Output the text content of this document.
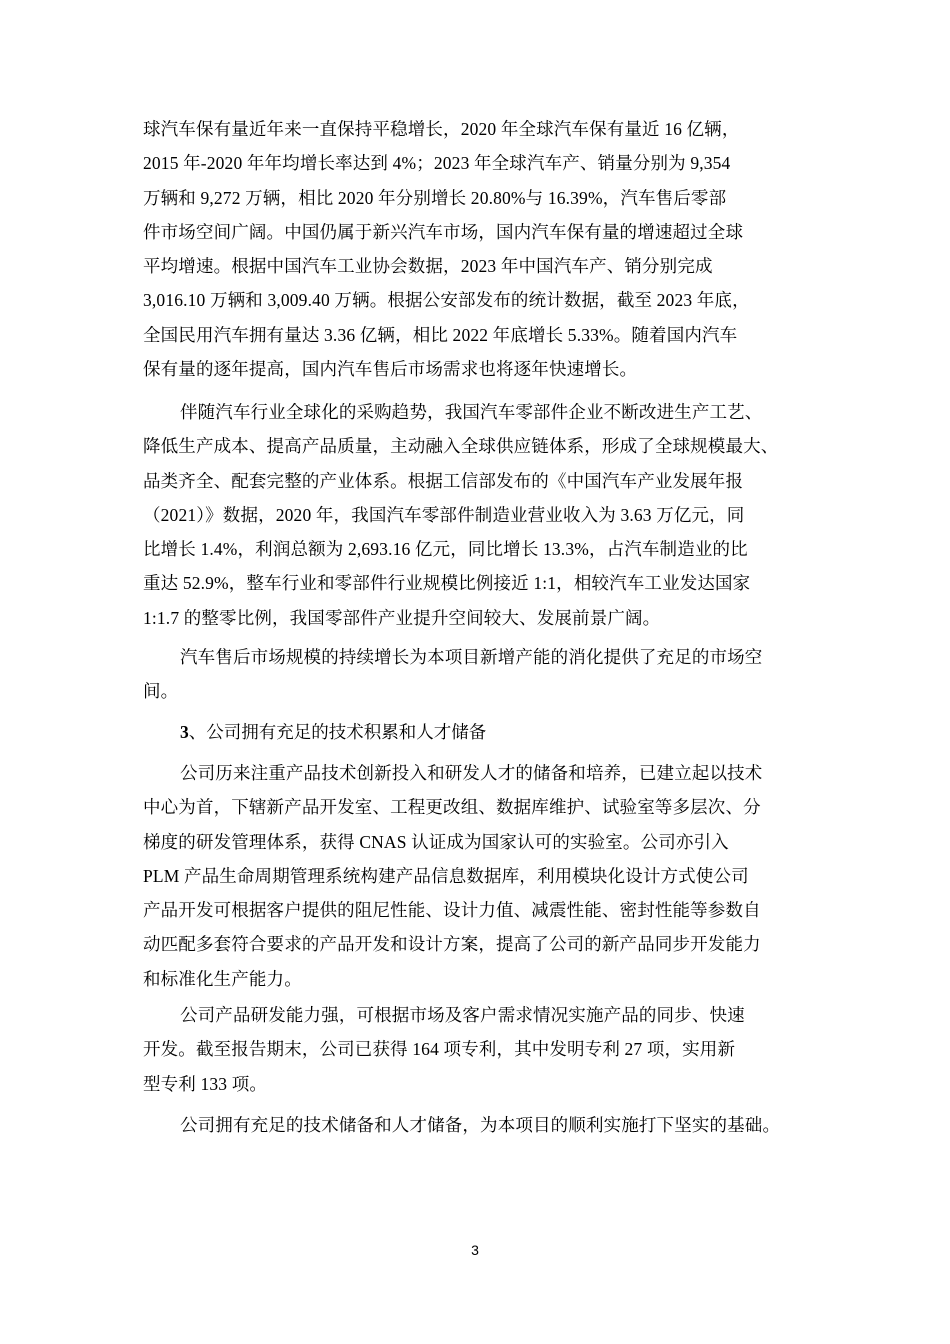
球汽车保有量近年来一直保持平稳增长，2020 年全球汽车保有量近 16 亿辆，
2015 年-2020 年年均增长率达到 4%；2023 年全球汽车产、销量分别为 9,354
万辆和 9,272 万辆，相比 2020 年分别增长 20.80%与 16.39%，汽车售后零部
件市场空间广阔。中国仍属于新兴汽车市场，国内汽车保有量的增速超过全球
平均增速。根据中国汽车工业协会数据，2023 年中国汽车产、销分别完成
3,016.10 万辆和 3,009.40 万辆。根据公安部发布的统计数据，截至 2023 年底，
全国民用汽车拥有量达 3.36 亿辆，相比 2022 年底增长 5.33%。随着国内汽车
保有量的逐年提高，国内汽车售后市场需求也将逐年快速增长。
伴随汽车行业全球化的采购趋势，我国汽车零部件企业不断改进生产工艺、
降低生产成本、提高产品质量，主动融入全球供应链体系，形成了全球规模最大、
品类齐全、配套完整的产业体系。根据工信部发布的《中国汽车产业发展年报
（2021）》数据，2020 年，我国汽车零部件制造业营业收入为 3.63 万亿元，同
比增长 1.4%，利润总额为 2,693.16 亿元，同比增长 13.3%，占汽车制造业的比
重达 52.9%，整车行业和零部件行业规模比例接近 1:1，相较汽车工业发达国家
1:1.7 的整零比例，我国零部件产业提升空间较大、发展前景广阔。
汽车售后市场规模的持续增长为本项目新增产能的消化提供了充足的市场空
间。
3、公司拥有充足的技术积累和人才储备
公司历来注重产品技术创新投入和研发人才的储备和培养，已建立起以技术
中心为首，下辖新产品开发室、工程更改组、数据库维护、试验室等多层次、分
梯度的研发管理体系，获得 CNAS 认证成为国家认可的实验室。公司亦引入
PLM 产品生命周期管理系统构建产品信息数据库，利用模块化设计方式使公司
产品开发可根据客户提供的阻尼性能、设计力值、减震性能、密封性能等参数自
动匹配多套符合要求的产品开发和设计方案，提高了公司的新产品同步开发能力
和标准化生产能力。
公司产品研发能力强，可根据市场及客户需求情况实施产品的同步、快速
开发。截至报告期末，公司已获得 164 项专利，其中发明专利 27 项，实用新
型专利 133 项。
公司拥有充足的技术储备和人才储备，为本项目的顺利实施打下坚实的基础。
3
